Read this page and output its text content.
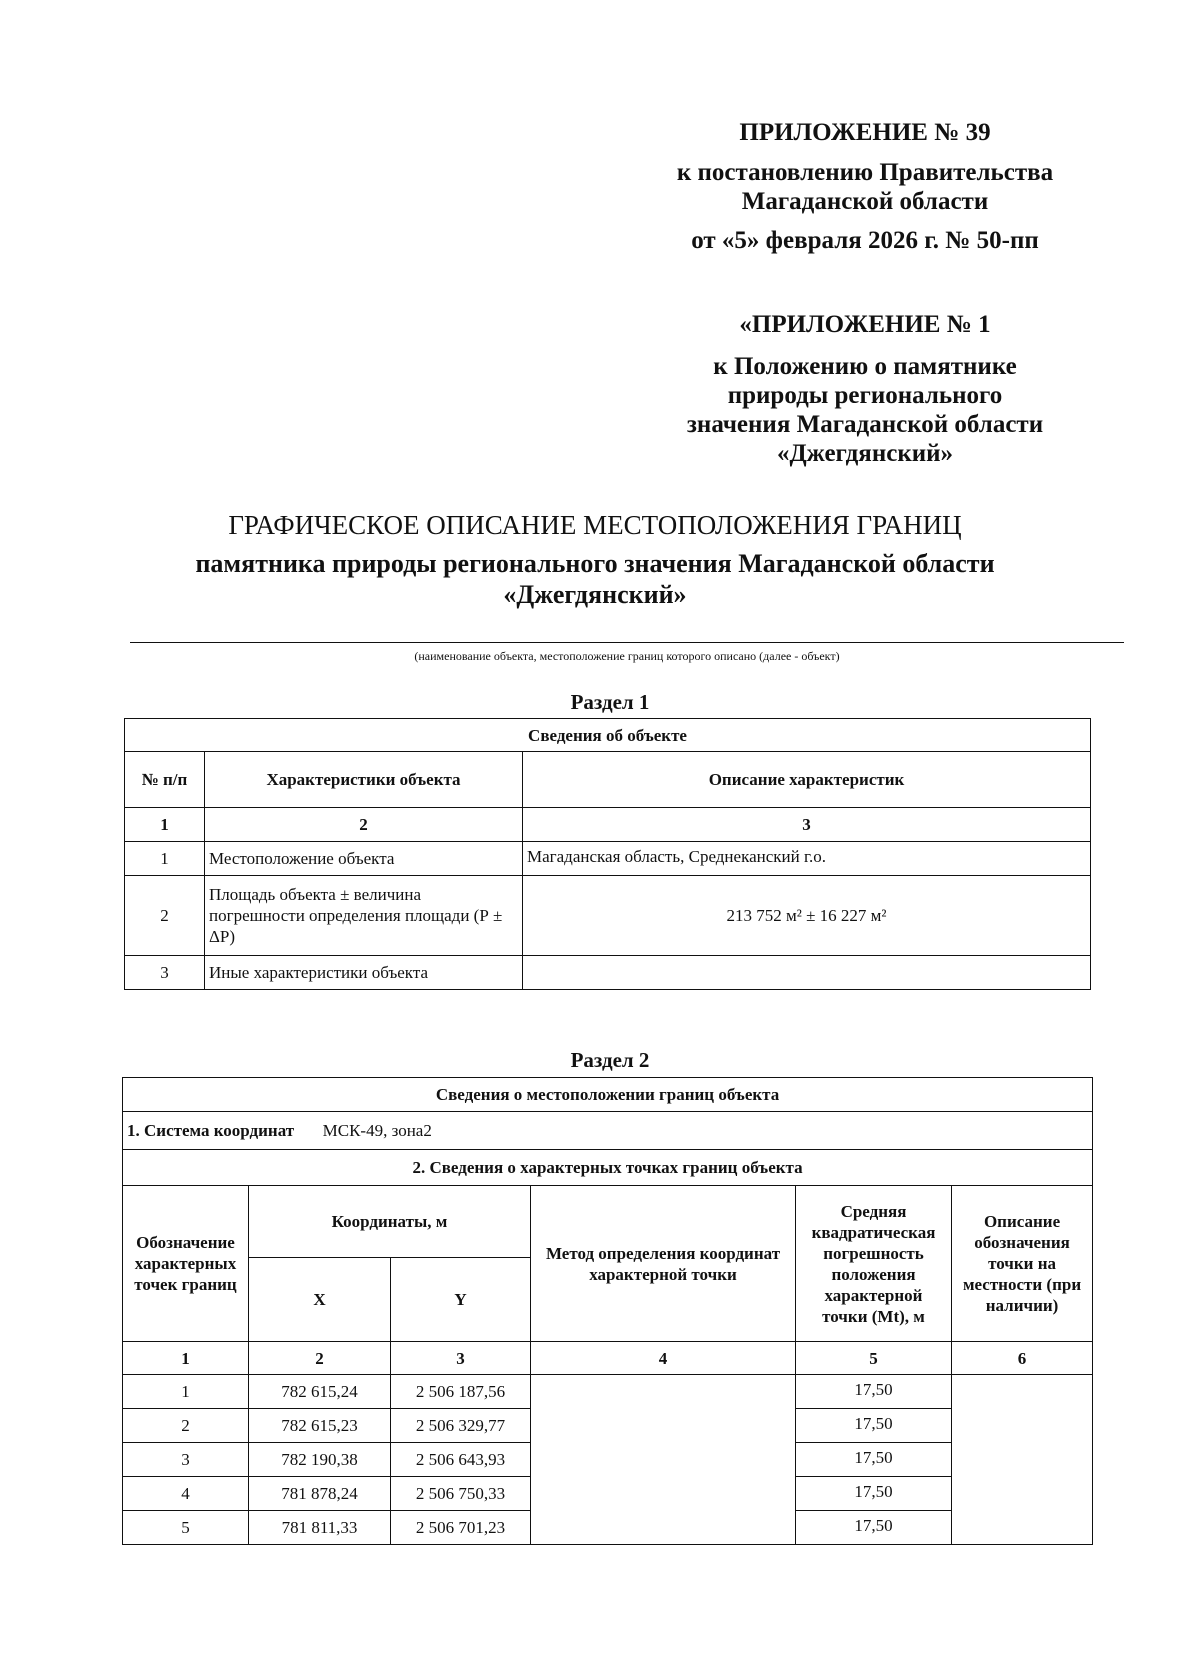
ПРИЛОЖЕНИЕ № 39
к постановлению Правительства
Магаданской области
от «5» февраля 2026 г. № 50-пп
«ПРИЛОЖЕНИЕ № 1
к Положению о памятнике
природы регионального
значения Магаданской области
«Джегдянский»
ГРАФИЧЕСКОЕ ОПИСАНИЕ МЕСТОПОЛОЖЕНИЯ ГРАНИЦ
памятника природы регионального значения Магаданской области
«Джегдянский»
(наименование объекта, местоположение границ которого описано (далее - объект)
Раздел 1
Сведения об объекте		
№ п/п	Характеристики объекта	Описание характеристик
1	2	3
1	Местоположение объекта	Магаданская область, Среднеканский г.о.
2	Площадь объекта ± величина погрешности определения площади (Р ± ΔР)	213 752 м² ± 16 227 м²
3	Иные характеристики объекта	
Раздел 2
Сведения о местоположении границ объекта					
1. Система координат МСК-49, зона2					
2. Сведения о характерных точках границ объекта					
Обозначение характерных точек границ	Координаты, м		Метод определения координат характерной точки	Средняя квадратическая погрешность положения характерной точки (Mt), м	Описание обозначения точки на местности (при наличии)
	X	Y			
1	2	3	4	5	6
1	782 615,24	2 506 187,56		17,50	
2	782 615,23	2 506 329,77		17,50	
3	782 190,38	2 506 643,93		17,50	
4	781 878,24	2 506 750,33		17,50	
5	781 811,33	2 506 701,23		17,50	
